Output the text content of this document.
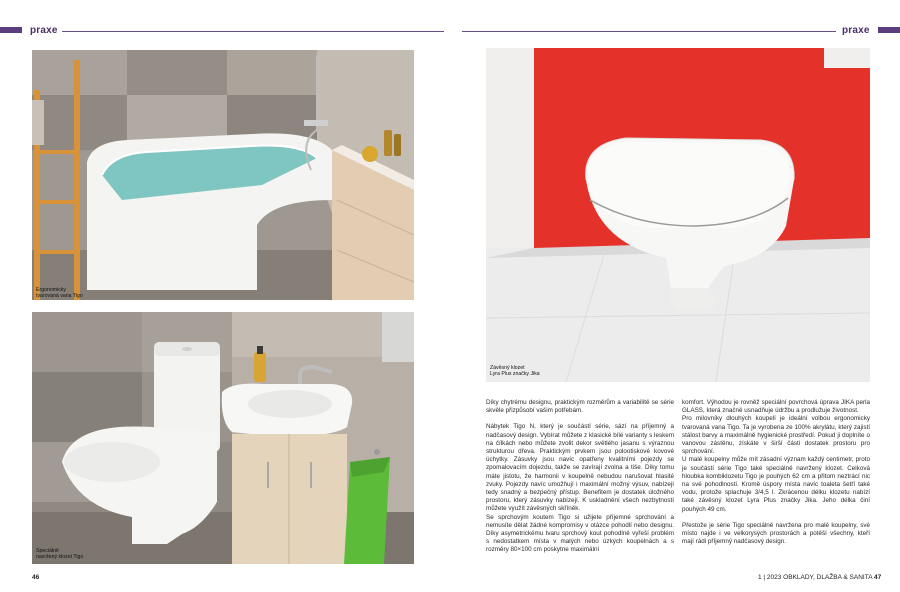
praxe	praxe
Ergonomicky
tvarovaná vana Tigo
Speciálně
navržený klozet Tigo
Závěsný klozet
Lyra Plus značky Jika

Díky chytrému designu, praktickým rozměrům a variabilitě se série skvěle přizpůsobí vašim potřebám.

Nábytek Tigo N, který je součástí série, sází na příjemný a nadčasový design. Vybírat můžete z klasické bílé varianty s leskem na čílkách nebo můžete zvolit dekor světlého jasanu s výraznou strukturou dřeva. Praktickým prvkem jsou polootiskové kovové úchytky. Zásuvky jsou navíc opatřeny kvalitními pojezdy se zpomalovacím dojezdu, takže se zavírají zvolna a tiše. Díky tomu máte jistotu, že harmonii v koupelně nebudou narušovat hlasité zvuky. Pojezdy navíc umožňují i maximální možný výsuv, nabízejí tedy snadný a bezpečný přístup. Benefitem je dostatek úložného prostoru, který zásuvky nabízejí. K uskladnění všech nezbytností můžete využít závěsných skříněk.

Se sprchovým koutem Tigo si užijete příjemné sprchování a nemusíte dělat žádné kompromisy v otázce pohodlí nebo designu. Díky asymetrickému tvaru sprchový kout pohodlně vyřeší problém s nedostatkem místa v malých nebo úzkých koupelnách a s rozměry 80×100 cm poskytne maximální

komfort. Výhodou je rovněž speciální povrchová úprava JIKA perla GLASS, která značně usnadňuje údržbu a prodlužuje životnost.

Pro milovníky dlouhých koupelí je ideální volbou ergonomicky tvarovaná vana Tigo. Ta je vyrobena ze 100% akrylátu, který zajistí stálost barvy a maximálně hygienické prostředí. Pokud ji doplníte o vanovou zástěnu, získáte v širší části dostatek prostoru pro sprchování.

U malé koupelny může mít zásadní význam každý centimetr, proto je součástí série Tigo také speciálně navržený klozet. Celková hloubka kombiklozetu Tigo je pouhých 62 cm a přitom neztrácí nic na své pohodlnosti. Kromě úspory místa navíc toaleta šetří také vodu, protože splachuje 3/4,5 l. Zkrácenou délku klozetu nabízí také závěsný klozet Lyra Plus značky Jika. Jeho délka činí pouhých 49 cm.

Přestože je série Tigo speciálně navržena pro malé koupelny, své místo najde i ve velkorysých prostorách a potěší všechny, kteří mají rádi příjemný nadčasový design.

46	1 | 2023 OBKLADY, DLAŽBA & SANITA 47
